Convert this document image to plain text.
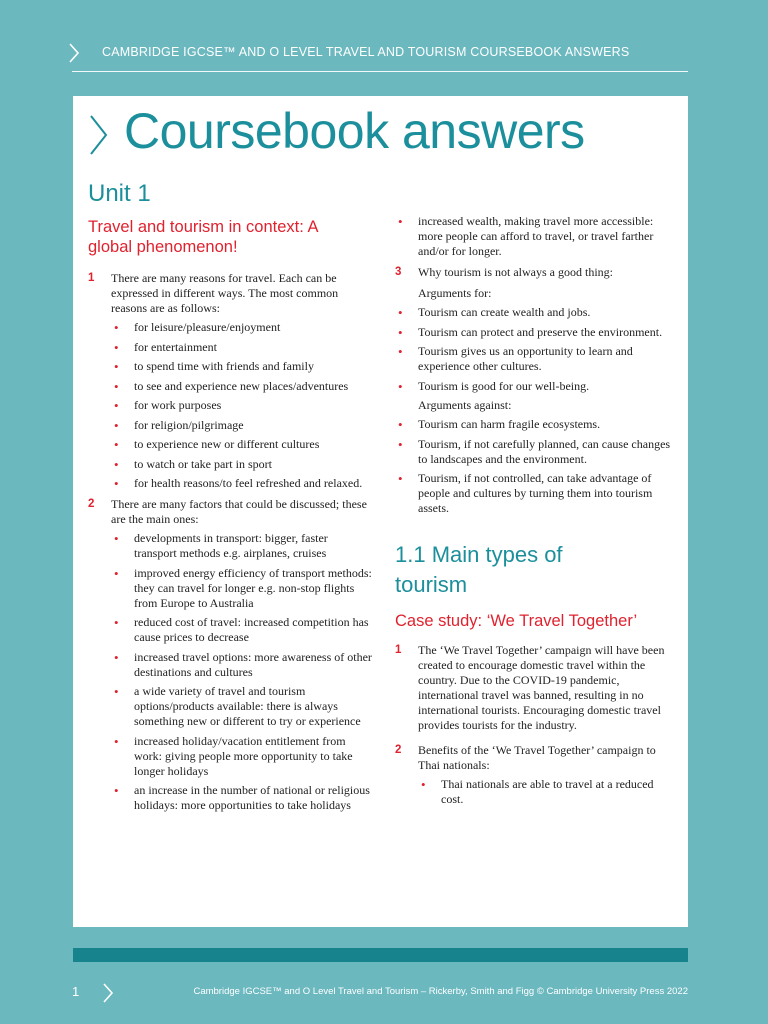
CAMBRIDGE IGCSE™ AND O LEVEL TRAVEL AND TOURISM COURSEBOOK ANSWERS
Coursebook answers
Unit 1
Travel and tourism in context: A global phenomenon!
1 There are many reasons for travel. Each can be expressed in different ways. The most common reasons are as follows:
• for leisure/pleasure/enjoyment
• for entertainment
• to spend time with friends and family
• to see and experience new places/adventures
• for work purposes
• for religion/pilgrimage
• to experience new or different cultures
• to watch or take part in sport
• for health reasons/to feel refreshed and relaxed.
2 There are many factors that could be discussed; these are the main ones:
• developments in transport: bigger, faster transport methods e.g. airplanes, cruises
• improved energy efficiency of transport methods: they can travel for longer e.g. non-stop flights from Europe to Australia
• reduced cost of travel: increased competition has cause prices to decrease
• increased travel options: more awareness of other destinations and cultures
• a wide variety of travel and tourism options/products available: there is always something new or different to try or experience
• increased holiday/vacation entitlement from work: giving people more opportunity to take longer holidays
• an increase in the number of national or religious holidays: more opportunities to take holidays
• increased wealth, making travel more accessible: more people can afford to travel, or travel farther and/or for longer.
3 Why tourism is not always a good thing:
Arguments for:
• Tourism can create wealth and jobs.
• Tourism can protect and preserve the environment.
• Tourism gives us an opportunity to learn and experience other cultures.
• Tourism is good for our well-being.
Arguments against:
• Tourism can harm fragile ecosystems.
• Tourism, if not carefully planned, can cause changes to landscapes and the environment.
• Tourism, if not controlled, can take advantage of people and cultures by turning them into tourism assets.
1.1 Main types of tourism
Case study: ‘We Travel Together’
1 The ‘We Travel Together’ campaign will have been created to encourage domestic travel within the country. Due to the COVID-19 pandemic, international travel was banned, resulting in no international tourists. Encouraging domestic travel provides tourists for the industry.
2 Benefits of the ‘We Travel Together’ campaign to Thai nationals:
• Thai nationals are able to travel at a reduced cost.
1	Cambridge IGCSE™ and O Level Travel and Tourism – Rickerby, Smith and Figg © Cambridge University Press 2022
